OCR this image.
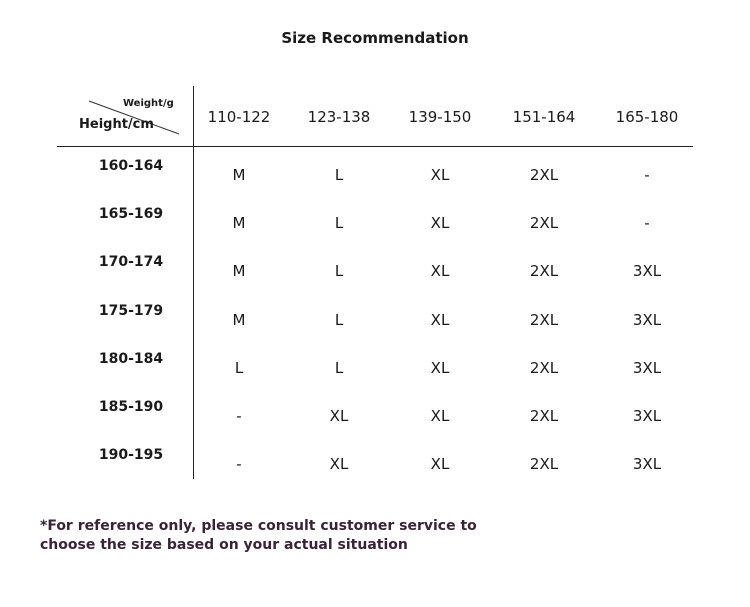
Size Recommendation
Weight/g
Height/cm	110-122	123-138	139-150	151-164	165-180
160-164	M	L	XL	2XL	-
165-169	M	L	XL	2XL	-
170-174	M	L	XL	2XL	3XL
175-179	M	L	XL	2XL	3XL
180-184	L	L	XL	2XL	3XL
185-190	-	XL	XL	2XL	3XL
190-195	-	XL	XL	2XL	3XL
*For reference only, please consult customer service to
choose the size based on your actual situation
